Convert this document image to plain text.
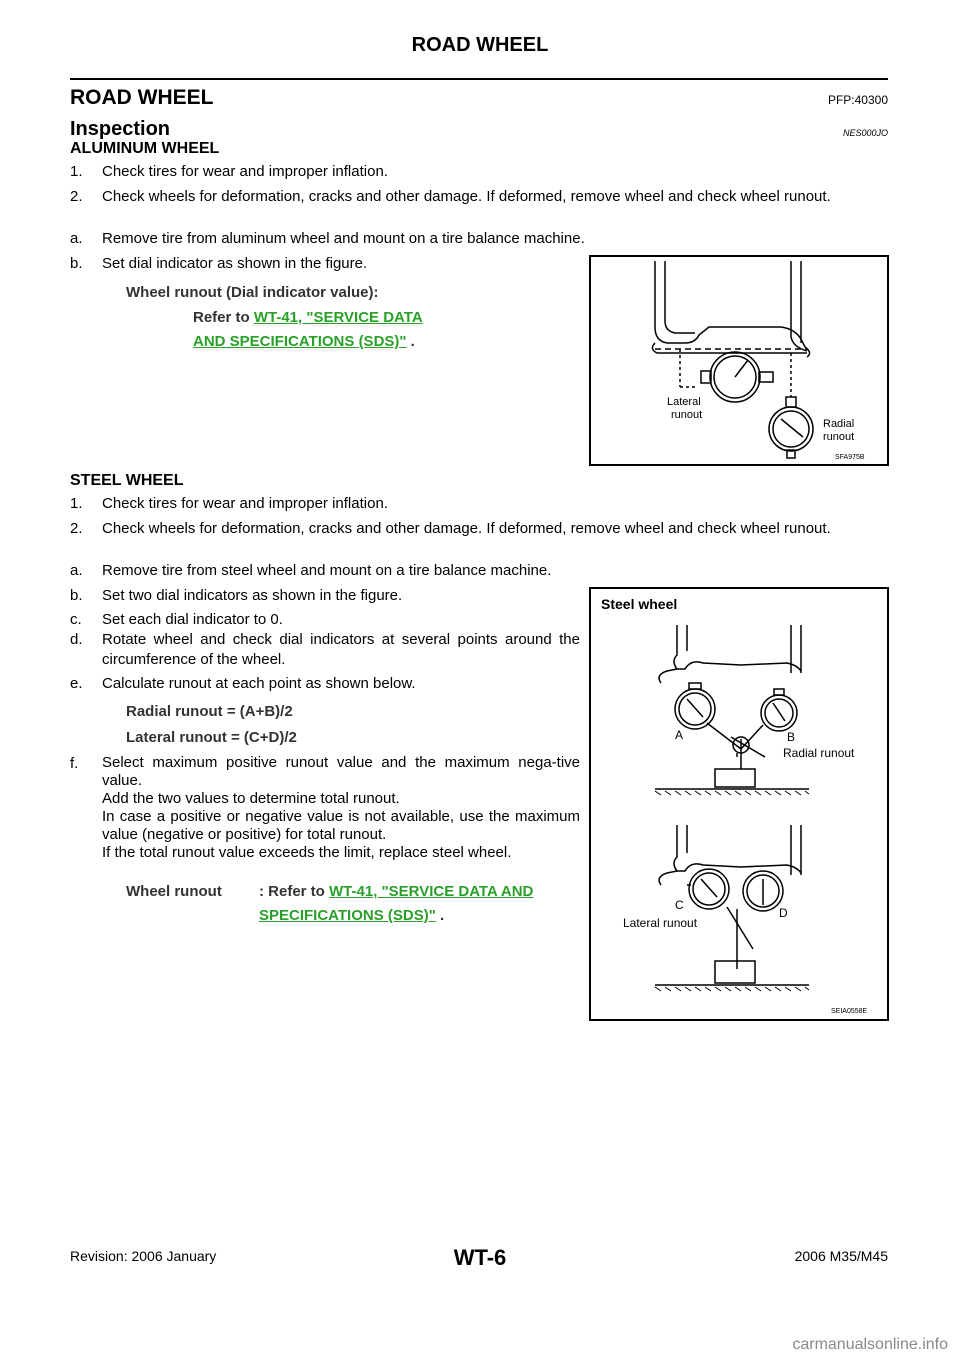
ROAD WHEEL
ROAD WHEEL	PFP:40300
Inspection	NES000JO
ALUMINUM WHEEL
1. Check tires for wear and improper inflation.
2. Check wheels for deformation, cracks and other damage. If deformed, remove wheel and check wheel runout.
a. Remove tire from aluminum wheel and mount on a tire balance machine.
b. Set dial indicator as shown in the figure.
Wheel runout (Dial indicator value):
Refer to WT-41, "SERVICE DATA
AND SPECIFICATIONS (SDS)" .
Lateral
runout
Radial
runout
SFA975B
STEEL WHEEL
1. Check tires for wear and improper inflation.
2. Check wheels for deformation, cracks and other damage. If deformed, remove wheel and check wheel runout.
a. Remove tire from steel wheel and mount on a tire balance machine.
b. Set two dial indicators as shown in the figure.
c. Set each dial indicator to 0.
d. Rotate wheel and check dial indicators at several points around the circumference of the wheel.
e. Calculate runout at each point as shown below.
Radial runout = (A+B)/2
Lateral runout = (C+D)/2
f. Select maximum positive runout value and the maximum nega-tive value.
Add the two values to determine total runout.
In case a positive or negative value is not available, use the maximum value (negative or positive) for total runout.
If the total runout value exceeds the limit, replace steel wheel.
Wheel runout : Refer to WT-41, "SERVICE DATA AND
SPECIFICATIONS (SDS)" .
Steel wheel
A	B
Radial runout
C
D
Lateral runout
SEIA0558E
WT-6
Revision: 2006 January	2006 M35/M45
carmanualsonline.info
